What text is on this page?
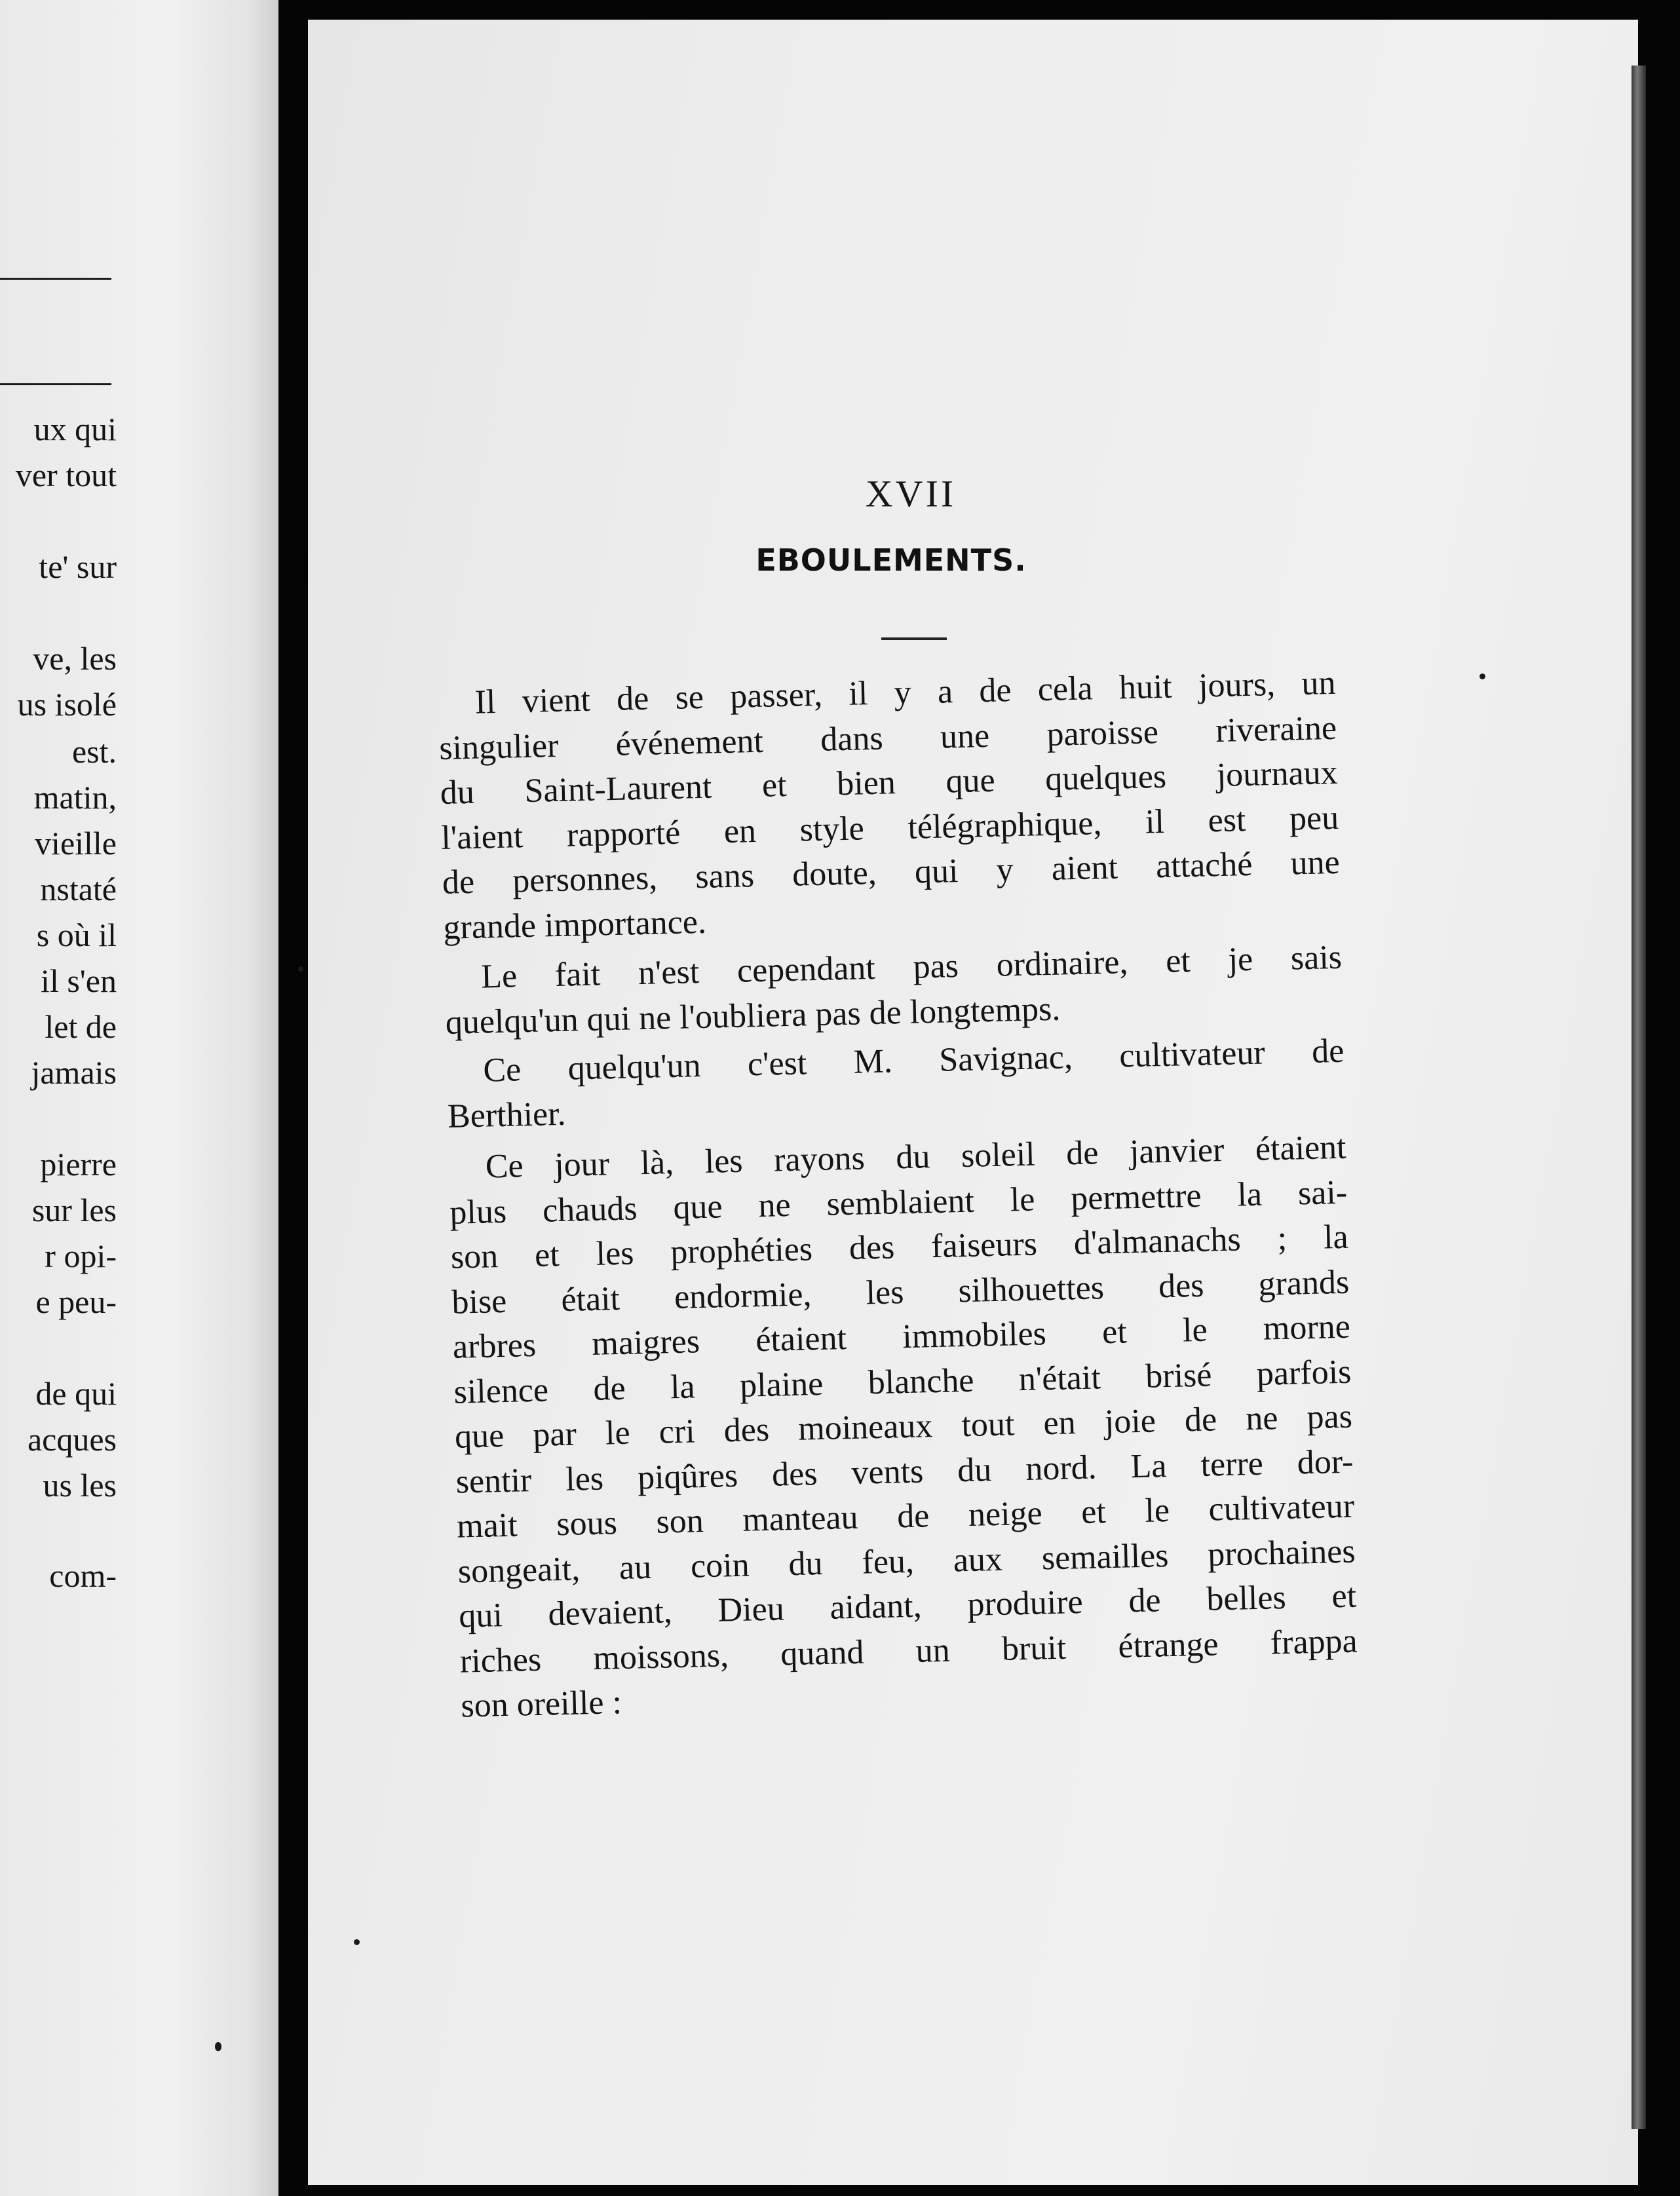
ux qui
ver tout
te' sur
ve, les
us isolé
est.
matin,
vieille
nstaté
s où il
il s'en
let de
jamais
pierre
sur les
r opi-
e peu-
de qui
acques
us les
com-
XVII
EBOULEMENTS.
Il vient de se passer, il y a de cela huit jours, un
singulier événement dans une paroisse riveraine
du Saint-Laurent et bien que quelques journaux
l'aient rapporté en style télégraphique, il est peu
de personnes, sans doute, qui y aient attaché une
grande importance.
Le fait n'est cependant pas ordinaire, et je sais
quelqu'un qui ne l'oubliera pas de longtemps.
Ce quelqu'un c'est M. Savignac, cultivateur de
Berthier.
Ce jour là, les rayons du soleil de janvier étaient
plus chauds que ne semblaient le permettre la sai-
son et les prophéties des faiseurs d'almanachs ; la
bise était endormie, les silhouettes des grands
arbres maigres étaient immobiles et le morne
silence de la plaine blanche n'était brisé parfois
que par le cri des moineaux tout en joie de ne pas
sentir les piqûres des vents du nord. La terre dor-
mait sous son manteau de neige et le cultivateur
songeait, au coin du feu, aux semailles prochaines
qui devaient, Dieu aidant, produire de belles et
riches moissons, quand un bruit étrange frappa
son oreille :
